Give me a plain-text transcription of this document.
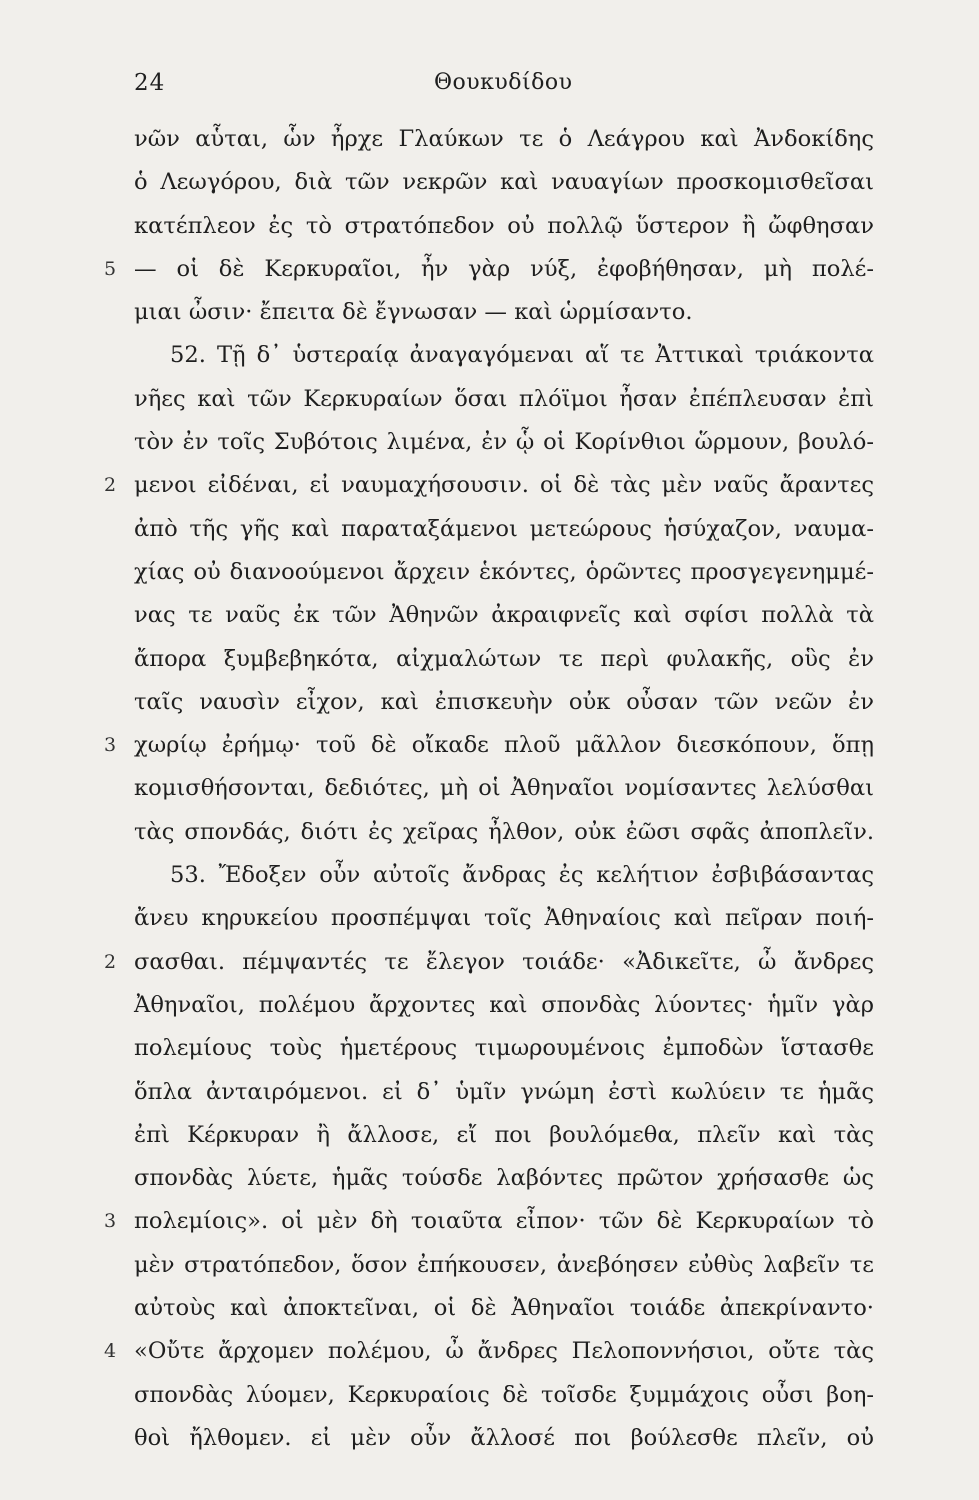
24	Θουκυδίδου
νῶν αὗται, ὧν ἦρχε Γλαύκων τε ὁ Λεάγρου καὶ Ἀνδοκίδης
ὁ Λεωγόρου, διὰ τῶν νεκρῶν καὶ ναυαγίων προσκομισθεῖσαι
κατέπλεον ἐς τὸ στρατόπεδον οὐ πολλῷ ὕστερον ἢ ὤφθησαν
5 — οἱ δὲ Κερκυραῖοι, ἦν γὰρ νύξ, ἐφοβήθησαν, μὴ πολέ-
μιαι ὦσιν· ἔπειτα δὲ ἔγνωσαν — καὶ ὡρμίσαντο.
52. Τῇ δ᾽ ὑστεραίᾳ ἀναγαγόμεναι αἵ τε Ἀττικαὶ τριάκοντα
νῆες καὶ τῶν Κερκυραίων ὅσαι πλόϊμοι ἦσαν ἐπέπλευσαν ἐπὶ
τὸν ἐν τοῖς Συβότοις λιμένα, ἐν ᾧ οἱ Κορίνθιοι ὥρμουν, βουλό-
2 μενοι εἰδέναι, εἰ ναυμαχήσουσιν. οἱ δὲ τὰς μὲν ναῦς ἄραντες
ἀπὸ τῆς γῆς καὶ παραταξάμενοι μετεώρους ἡσύχαζον, ναυμα-
χίας οὐ διανοούμενοι ἄρχειν ἑκόντες, ὁρῶντες προσγεγενημμέ-
νας τε ναῦς ἐκ τῶν Ἀθηνῶν ἀκραιφνεῖς καὶ σφίσι πολλὰ τὰ
ἄπορα ξυμβεβηκότα, αἰχμαλώτων τε περὶ φυλακῆς, οὓς ἐν
ταῖς ναυσὶν εἶχον, καὶ ἐπισκευὴν οὐκ οὖσαν τῶν νεῶν ἐν
3 χωρίῳ ἐρήμῳ· τοῦ δὲ οἴκαδε πλοῦ μᾶλλον διεσκόπουν, ὅπῃ
κομισθήσονται, δεδιότες, μὴ οἱ Ἀθηναῖοι νομίσαντες λελύσθαι
τὰς σπονδάς, διότι ἐς χεῖρας ἦλθον, οὐκ ἐῶσι σφᾶς ἀποπλεῖν.
53. Ἔδοξεν οὖν αὐτοῖς ἄνδρας ἐς κελήτιον ἐσβιβάσαντας
ἄνευ κηρυκείου προσπέμψαι τοῖς Ἀθηναίοις καὶ πεῖραν ποιή-
2 σασθαι. πέμψαντές τε ἔλεγον τοιάδε· «Ἀδικεῖτε, ὦ ἄνδρες
Ἀθηναῖοι, πολέμου ἄρχοντες καὶ σπονδὰς λύοντες· ἡμῖν γὰρ
πολεμίους τοὺς ἡμετέρους τιμωρουμένοις ἐμποδὼν ἵστασθε
ὅπλα ἀνταιρόμενοι. εἰ δ᾽ ὑμῖν γνώμη ἐστὶ κωλύειν τε ἡμᾶς
ἐπὶ Κέρκυραν ἢ ἄλλοσε, εἴ ποι βουλόμεθα, πλεῖν καὶ τὰς
σπονδὰς λύετε, ἡμᾶς τούσδε λαβόντες πρῶτον χρήσασθε ὡς
3 πολεμίοις». οἱ μὲν δὴ τοιαῦτα εἶπον· τῶν δὲ Κερκυραίων τὸ
μὲν στρατόπεδον, ὅσον ἐπήκουσεν, ἀνεβόησεν εὐθὺς λαβεῖν τε
αὐτοὺς καὶ ἀποκτεῖναι, οἱ δὲ Ἀθηναῖοι τοιάδε ἀπεκρίναντο·
4 «Οὔτε ἄρχομεν πολέμου, ὦ ἄνδρες Πελοποννήσιοι, οὔτε τὰς
σπονδὰς λύομεν, Κερκυραίοις δὲ τοῖσδε ξυμμάχοις οὖσι βοη-
θοὶ ἤλθομεν. εἰ μὲν οὖν ἄλλοσέ ποι βούλεσθε πλεῖν, οὐ
